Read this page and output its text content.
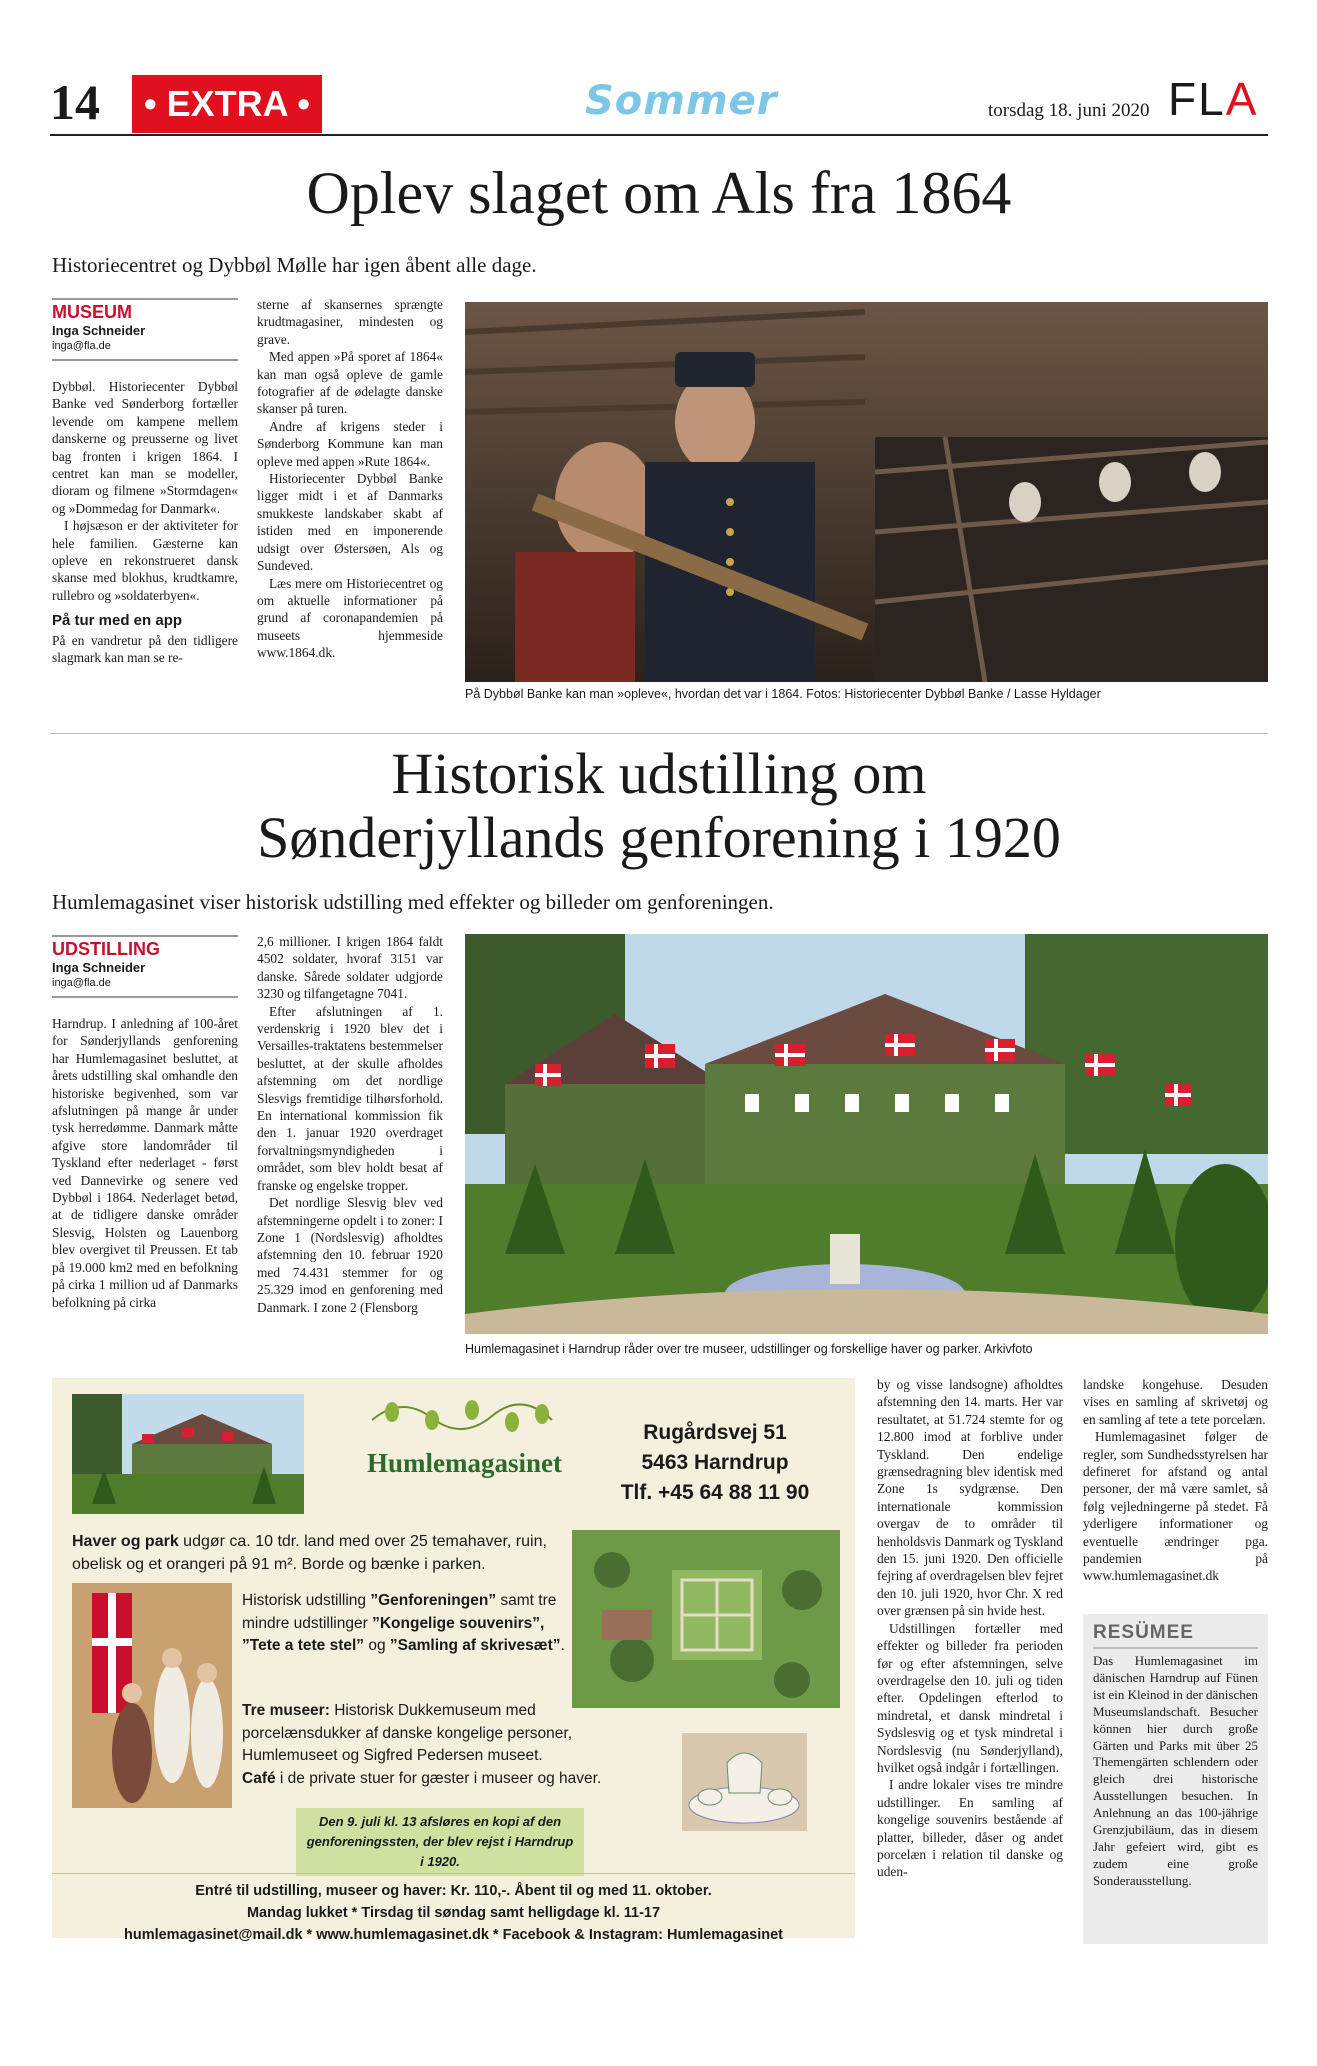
14	• EXTRA •	Sommer	torsdag 18. juni 2020 FLA
Oplev slaget om Als fra 1864
Historiecentret og Dybbøl Mølle har igen åbent alle dage.
MUSEUM
Inga Schneider
inga@fla.de

Dybbøl. Historiecenter Dybbøl Banke ved Sønderborg fortæller levende om kampene mellem danskerne og preusserne og livet bag fronten i krigen 1864. I centret kan man se modeller, dioram og filmene »Stormdagen« og »Dommedag for Danmark«.

I højsæson er der aktiviteter for hele familien. Gæsterne kan opleve en rekonstrueret dansk skanse med blokhus, krudtkamre, rullebro og »soldaterbyen«.

På tur med en app

På en vandretur på den tidligere slagmark kan man se re-

sterne af skansernes sprængte krudtmagasiner, mindesten og grave.

Med appen »På sporet af 1864« kan man også opleve de gamle fotografier af de ødelagte danske skanser på turen.

Andre af krigens steder i Sønderborg Kommune kan man opleve med appen »Rute 1864«.

Historiecenter Dybbøl Banke ligger midt i et af Danmarks smukkeste landskaber skabt af istiden med en imponerende udsigt over Østersøen, Als og Sundeved.

Læs mere om Historiecentret og om aktuelle informationer på grund af coronapandemien på museets hjemmeside www.1864.dk.

På Dybbøl Banke kan man »opleve«, hvordan det var i 1864. Fotos: Historiecenter Dybbøl Banke / Lasse Hyldager
Historisk udstilling om
Sønderjyllands genforening i 1920
Humlemagasinet viser historisk udstilling med effekter og billeder om genforeningen.
UDSTILLING
Inga Schneider
inga@fla.de

Harndrup. I anledning af 100-året for Sønderjyllands genforening har Humlemagasinet besluttet, at årets udstilling skal omhandle den historiske begivenhed, som var afslutningen på mange år under tysk herredømme. Danmark måtte afgive store landområder til Tyskland efter nederlaget - først ved Dannevirke og senere ved Dybbøl i 1864. Nederlaget betød, at de tidligere danske områder Slesvig, Holsten og Lauenborg blev overgivet til Preussen. Et tab på 19.000 km2 med en befolkning på cirka 1 million ud af Danmarks befolkning på cirka

2,6 millioner. I krigen 1864 faldt 4502 soldater, hvoraf 3151 var danske. Sårede soldater udgjorde 3230 og tilfangetagne 7041.

Efter afslutningen af 1. verdenskrig i 1920 blev det i Versailles-traktatens bestemmelser besluttet, at der skulle afholdes afstemning om det nordlige Slesvigs fremtidige tilhørsforhold. En international kommission fik den 1. januar 1920 overdraget forvaltningsmyndigheden i området, som blev holdt besat af franske og engelske tropper.

Det nordlige Slesvig blev ved afstemningerne opdelt i to zoner: I Zone 1 (Nordslesvig) afholdtes afstemning den 10. februar 1920 med 74.431 stemmer for og 25.329 imod en genforening med Danmark. I zone 2 (Flensborg

Humlemagasinet i Harndrup råder over tre museer, udstillinger og forskellige haver og parker. Arkivfoto

by og visse landsogne) afholdtes afstemning den 14. marts. Her var resultatet, at 51.724 stemte for og 12.800 imod at forblive under Tyskland. Den endelige grænsedragning blev identisk med Zone 1s sydgrænse. Den internationale kommission overgav de to områder til henholdsvis Danmark og Tyskland den 15. juni 1920. Den officielle fejring af overdragelsen blev fejret den 10. juli 1920, hvor Chr. X red over grænsen på sin hvide hest.

Udstillingen fortæller med effekter og billeder fra perioden før og efter afstemningen, selve overdragelse den 10. juli og tiden efter. Opdelingen efterlod to mindretal, et dansk mindretal i Sydslesvig og et tysk mindretal i Nordslesvig (nu Sønderjylland), hvilket også indgår i fortællingen.

I andre lokaler vises tre mindre udstillinger. En samling af kongelige souvenirs bestående af platter, billeder, dåser og andet porcelæn i relation til danske og uden-

landske kongehuse. Desuden vises en samling af skrivetøj og en samling af tete a tete porcelæn.

Humlemagasinet følger de regler, som Sundhedsstyrelsen har defineret for afstand og antal personer, der må være samlet, så følg vejledningerne på stedet. Få yderligere informationer og eventuelle ændringer pga. pandemien på www.humlemagasinet.dk

RESÜMEE
Das Humlemagasinet im dänischen Harndrup auf Fünen ist ein Kleinod in der dänischen Museumslandschaft. Besucher können hier durch große Gärten und Parks mit über 25 Themengärten schlendern oder gleich drei historische Ausstellungen besuchen. In Anlehnung an das 100-jährige Grenzjubiläum, das in diesem Jahr gefeiert wird, gibt es zudem eine große Sonderausstellung.
Humlemagasinet
Rugårdsvej 51
5463 Harndrup
Tlf. +45 64 88 11 90
Haver og park udgør ca. 10 tdr. land med over 25 temahaver, ruin, obelisk og et orangeri på 91 m². Borde og bænke i parken.
Historisk udstilling ”Genforeningen” samt tre mindre udstillinger ”Kongelige souvenirs”, ”Tete a tete stel” og ”Samling af skrivesæt”.
Tre museer: Historisk Dukkemuseum med porcelænsdukker af danske kongelige personer, Humlemuseet og Sigfred Pedersen museet.
Café i de private stuer for gæster i museer og haver.
Den 9. juli kl. 13 afsløres en kopi af den genforeningssten, der blev rejst i Harndrup i 1920.
Entré til udstilling, museer og haver: Kr. 110,-. Åbent til og med 11. oktober.
Mandag lukket * Tirsdag til søndag samt helligdage kl. 11-17
humlemagasinet@mail.dk * www.humlemagasinet.dk * Facebook & Instagram: Humlemagasinet
